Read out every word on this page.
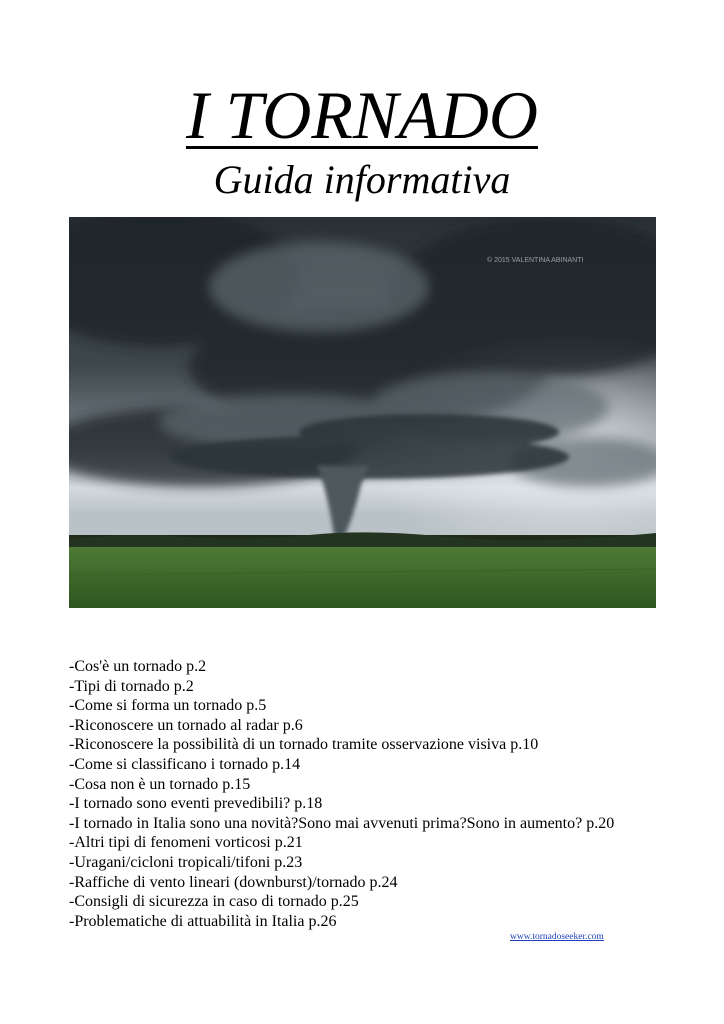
I TORNADO
Guida informativa
© 2015 VALENTINA ABINANTI
-Cos'è un tornado p.2
-Tipi di tornado p.2
-Come si forma un tornado p.5
-Riconoscere un tornado al radar p.6
-Riconoscere la possibilità di un tornado tramite osservazione visiva p.10
-Come si classificano i tornado p.14
-Cosa non è un tornado p.15
-I tornado sono eventi prevedibili? p.18
-I tornado in Italia sono una novità?Sono mai avvenuti prima?Sono in aumento? p.20
-Altri tipi di fenomeni vorticosi p.21
-Uragani/cicloni tropicali/tifoni p.23
-Raffiche di vento lineari (downburst)/tornado p.24
-Consigli di sicurezza in caso di tornado p.25
-Problematiche di attuabilità in Italia p.26
www.tornadoseeker.com
